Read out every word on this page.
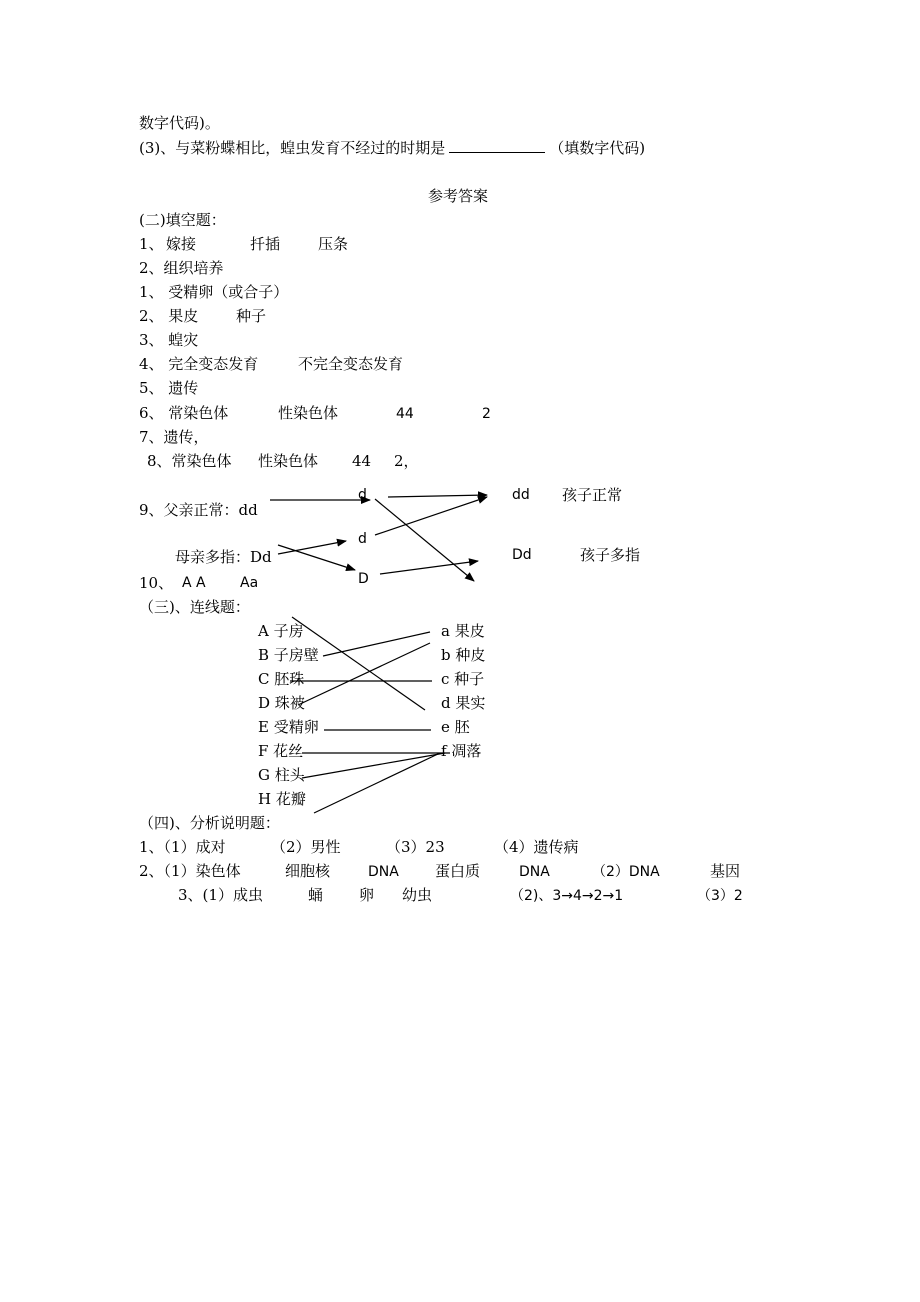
数字代码)。
(3)、与菜粉蝶相比，蝗虫发育不经过的时期是	（填数字代码)
参考答案
(二)填空题：
1、 嫁接	扦插	压条
2、组织培养
1、 受精卵（或合子）
2、 果皮	种子
3、 蝗灾
4、 完全变态发育	不完全变态发育
5、 遗传
6、 常染色体	性染色体	44	2
7、遗传，
8、常染色体 性染色体 44 2，
9、父亲正常：dd
母亲多指：Dd
d
d
D
dd 孩子正常
Dd	孩子多指
10、 A A Aa
（三)、连线题：
A 子房
B 子房壁
C 胚珠
D 珠被
E 受精卵
F 花丝
G 柱头
H 花瓣
a 果皮
b 种皮
c 种子
d 果实
e 胚
f 凋落
（四)、分析说明题：
1、（1）成对	（2）男性	（3）23	（4）遗传病
2、（1）染色体	细胞核	DNA 蛋白质	DNA	（2）DNA	基因
3、(1）成虫	蛹 卵 幼虫	（2)、3→4→2→1	（3）2
